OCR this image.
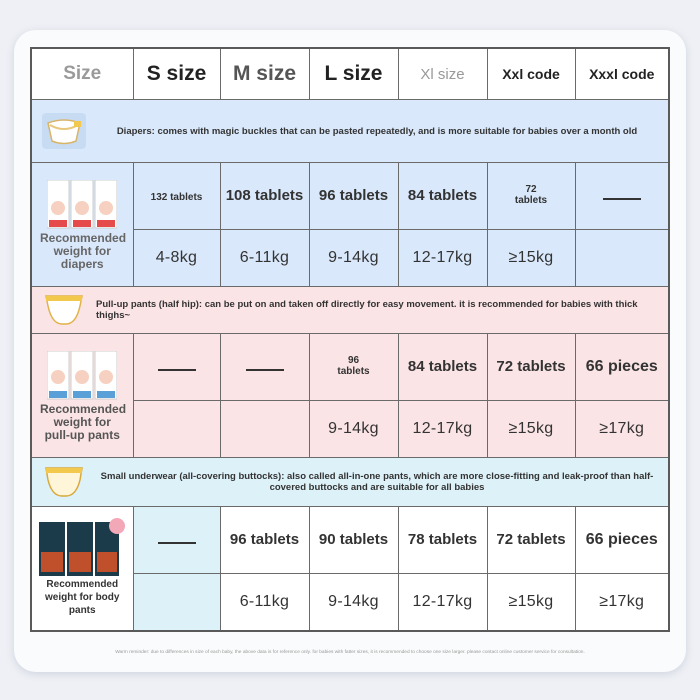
Size	S size	M size	L size	Xl size	Xxl code	Xxxl code

Diapers: comes with magic buckles that can be pasted repeatedly, and is more suitable for babies over a month old						

Recommended weight for diapers	132 tablets	108 tablets	96 tablets	84 tablets	72 tablets	
	4-8kg	6-11kg	9-14kg	12-17kg	≥15kg	

Pull-up pants (half hip): can be put on and taken off directly for easy movement. it is recommended for babies with thick thighs~						

Recommended weight for pull-up pants			96 tablets	84 tablets	72 tablets	66 pieces
			9-14kg	12-17kg	≥15kg	≥17kg

Small underwear (all-covering buttocks): also called all-in-one pants, which are more close-fitting and leak-proof than half-covered buttocks and are suitable for all babies						

Recommended weight for body pants		96 tablets	90 tablets	78 tablets	72 tablets	66 pieces
		6-11kg	9-14kg	12-17kg	≥15kg	≥17kg
Warm reminder: due to differences in size of each baby, the above data is for reference only. for babies with fatter sizes, it is recommended to choose one size larger. please contact online customer service for consultation.
